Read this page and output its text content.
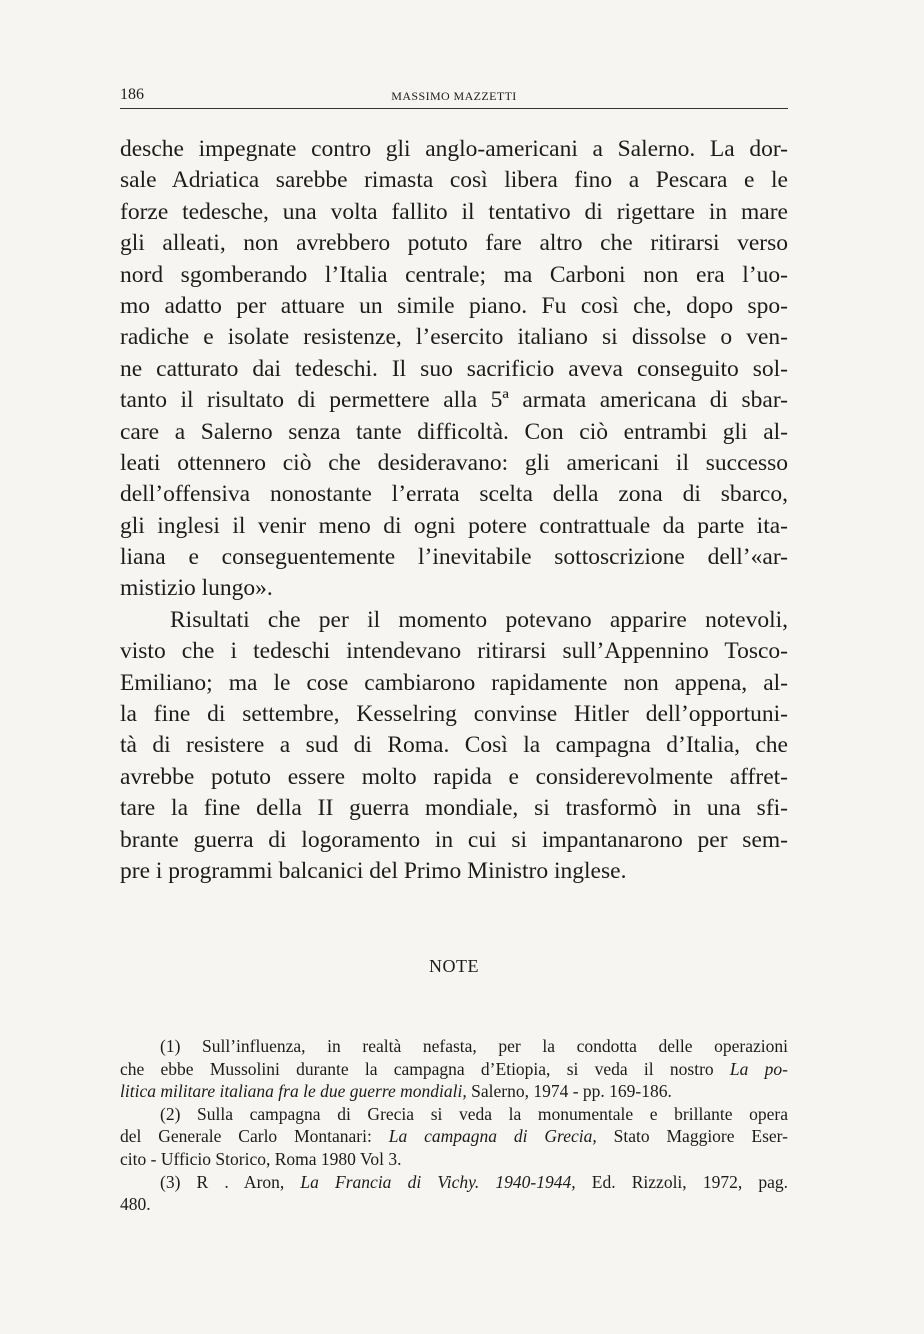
186	MASSIMO MAZZETTI
desche impegnate contro gli anglo-americani a Salerno. La dor-
sale Adriatica sarebbe rimasta così libera fino a Pescara e le
forze tedesche, una volta fallito il tentativo di rigettare in mare
gli alleati, non avrebbero potuto fare altro che ritirarsi verso
nord sgomberando l’Italia centrale; ma Carboni non era l’uo-
mo adatto per attuare un simile piano. Fu così che, dopo spo-
radiche e isolate resistenze, l’esercito italiano si dissolse o ven-
ne catturato dai tedeschi. Il suo sacrificio aveva conseguito sol-
tanto il risultato di permettere alla 5ª armata americana di sbar-
care a Salerno senza tante difficoltà. Con ciò entrambi gli al-
leati ottennero ciò che desideravano: gli americani il successo
dell’offensiva nonostante l’errata scelta della zona di sbarco,
gli inglesi il venir meno di ogni potere contrattuale da parte ita-
liana e conseguentemente l’inevitabile sottoscrizione dell’«ar-
mistizio lungo».
Risultati che per il momento potevano apparire notevoli,
visto che i tedeschi intendevano ritirarsi sull’Appennino Tosco-
Emiliano; ma le cose cambiarono rapidamente non appena, al-
la fine di settembre, Kesselring convinse Hitler dell’opportuni-
tà di resistere a sud di Roma. Così la campagna d’Italia, che
avrebbe potuto essere molto rapida e considerevolmente affret-
tare la fine della II guerra mondiale, si trasformò in una sfi-
brante guerra di logoramento in cui si impantanarono per sem-
pre i programmi balcanici del Primo Ministro inglese.
NOTE
(1) Sull’influenza, in realtà nefasta, per la condotta delle operazioni
che ebbe Mussolini durante la campagna d’Etiopia, si veda il nostro La po-
litica militare italiana fra le due guerre mondiali, Salerno, 1974 - pp. 169-186.
(2) Sulla campagna di Grecia si veda la monumentale e brillante opera
del Generale Carlo Montanari: La campagna di Grecia, Stato Maggiore Eser-
cito - Ufficio Storico, Roma 1980 Vol 3.
(3) R . Aron, La Francia di Vichy. 1940-1944, Ed. Rizzoli, 1972, pag.
480.
